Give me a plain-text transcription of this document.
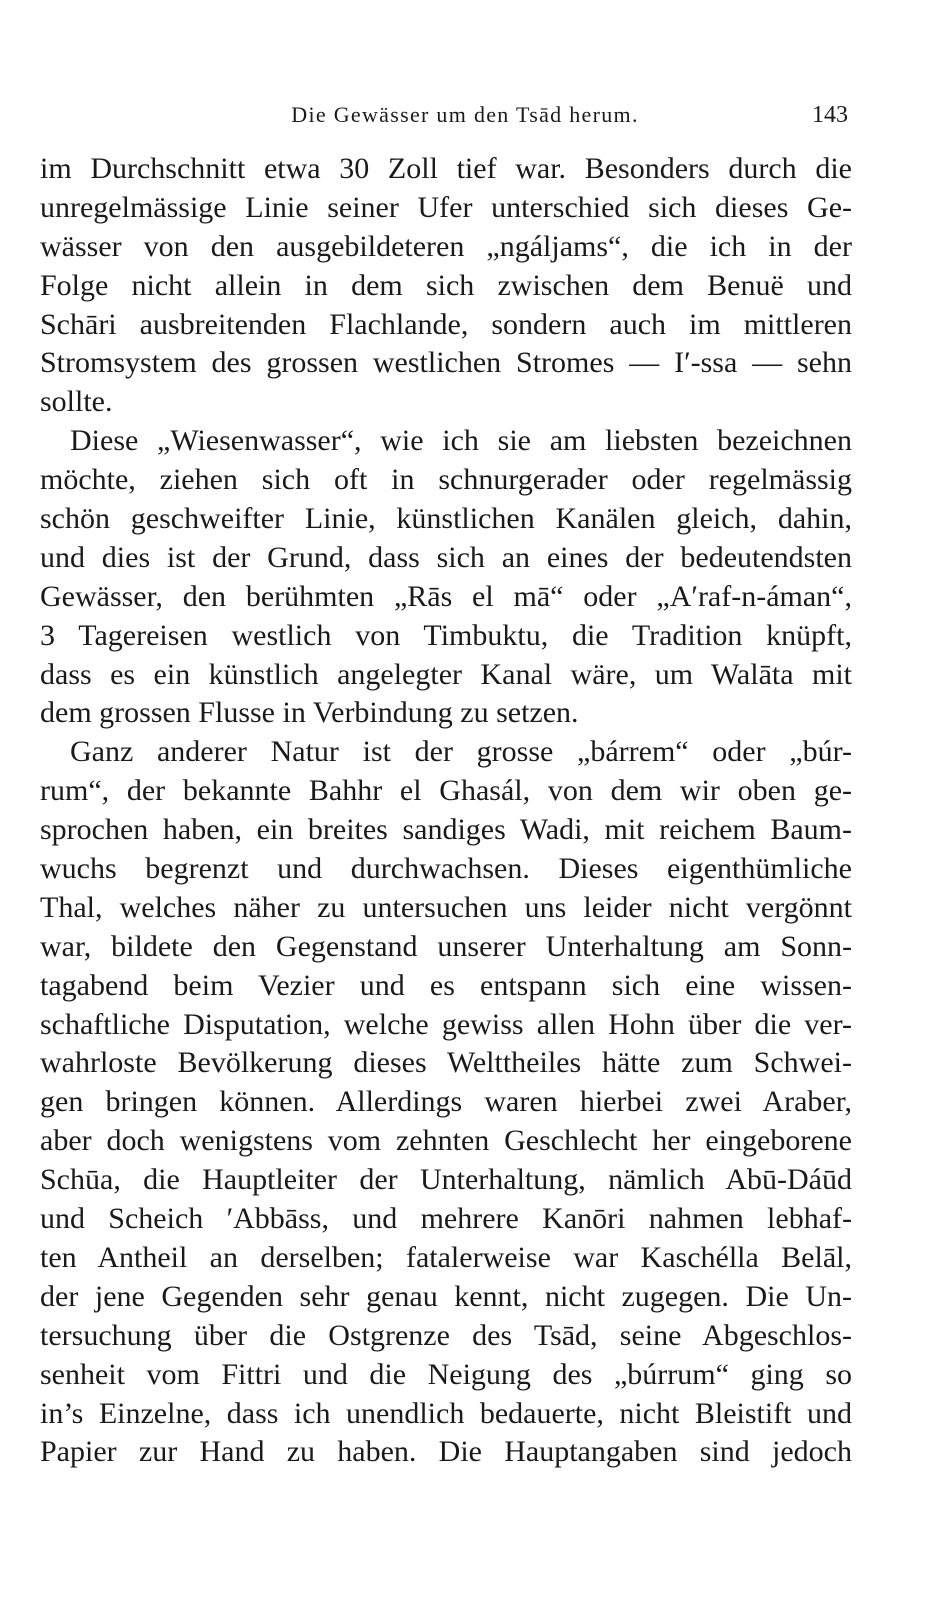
Die Gewässer um den Tsād herum.	143
im Durchschnitt etwa 30 Zoll tief war. Besonders durch die
unregelmässige Linie seiner Ufer unterschied sich dieses Ge-
wässer von den ausgebildeteren „ngáljams“, die ich in der
Folge nicht allein in dem sich zwischen dem Benuë und
Schāri ausbreitenden Flachlande, sondern auch im mittleren
Stromsystem des grossen westlichen Stromes — I′-ssa — sehn
sollte.
Diese „Wiesenwasser“, wie ich sie am liebsten bezeichnen
möchte, ziehen sich oft in schnurgerader oder regelmässig
schön geschweifter Linie, künstlichen Kanälen gleich, dahin,
und dies ist der Grund, dass sich an eines der bedeutendsten
Gewässer, den berühmten „Rās el mā“ oder „A′raf-n-áman“,
3 Tagereisen westlich von Timbuktu, die Tradition knüpft,
dass es ein künstlich angelegter Kanal wäre, um Walāta mit
dem grossen Flusse in Verbindung zu setzen.
Ganz anderer Natur ist der grosse „bárrem“ oder „búr-
rum“, der bekannte Bahhr el Ghasál, von dem wir oben ge-
sprochen haben, ein breites sandiges Wadi, mit reichem Baum-
wuchs begrenzt und durchwachsen. Dieses eigenthümliche
Thal, welches näher zu untersuchen uns leider nicht vergönnt
war, bildete den Gegenstand unserer Unterhaltung am Sonn-
tagabend beim Vezier und es entspann sich eine wissen-
schaftliche Disputation, welche gewiss allen Hohn über die ver-
wahrloste Bevölkerung dieses Welttheiles hätte zum Schwei-
gen bringen können. Allerdings waren hierbei zwei Araber,
aber doch wenigstens vom zehnten Geschlecht her eingeborene
Schūa, die Hauptleiter der Unterhaltung, nämlich Abū-Dáūd
und Scheich ′Abbāss, und mehrere Kanōri nahmen lebhaf-
ten Antheil an derselben; fatalerweise war Kaschélla Belāl,
der jene Gegenden sehr genau kennt, nicht zugegen. Die Un-
tersuchung über die Ostgrenze des Tsād, seine Abgeschlos-
senheit vom Fittri und die Neigung des „búrrum“ ging so
in’s Einzelne, dass ich unendlich bedauerte, nicht Bleistift und
Papier zur Hand zu haben. Die Hauptangaben sind jedoch
